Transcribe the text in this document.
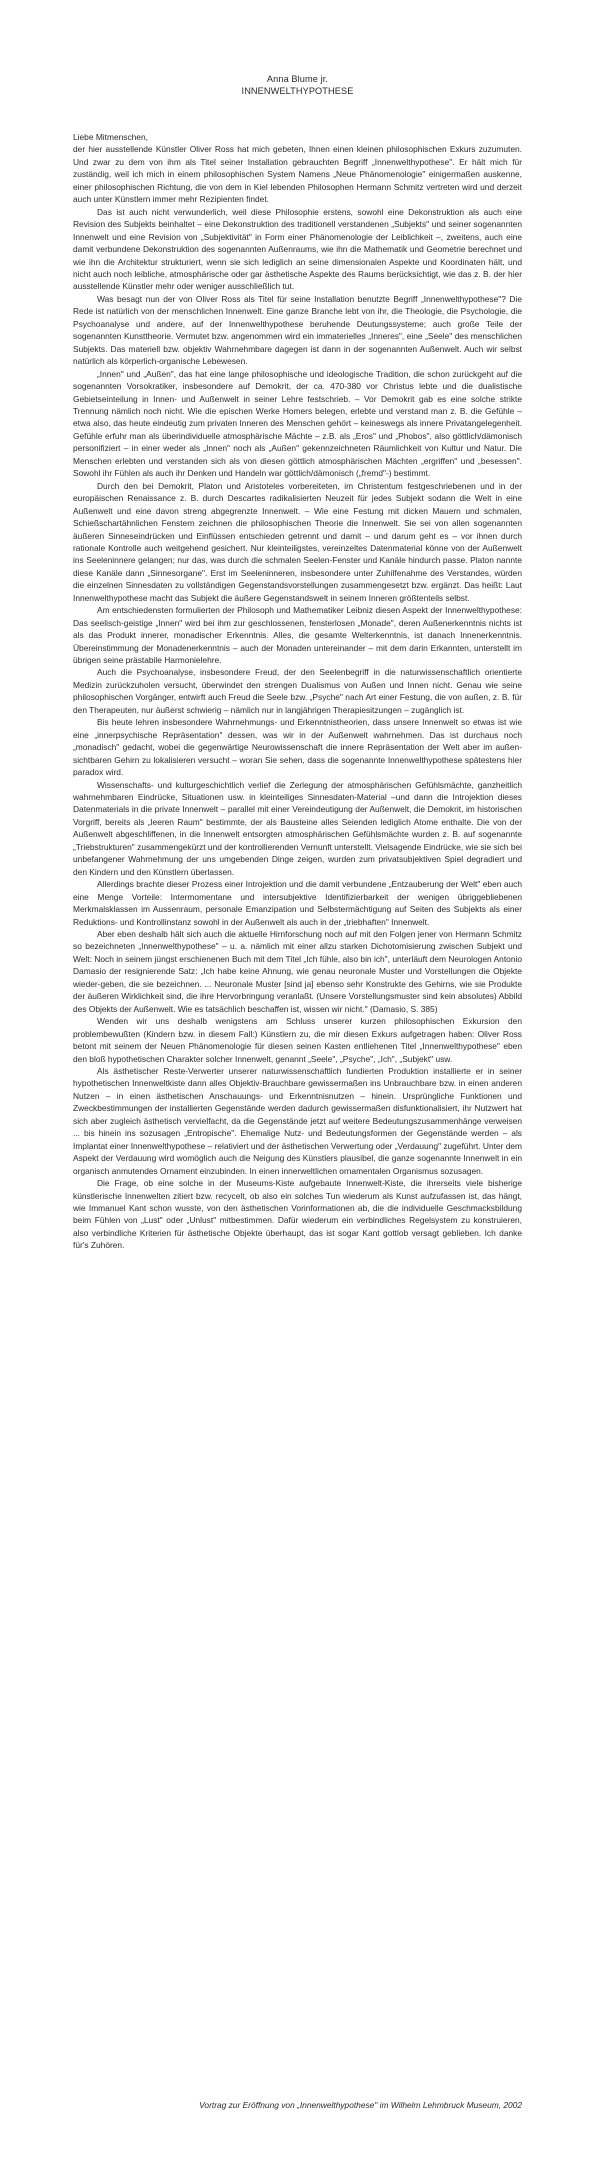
Anna Blume jr.
INNENWELTHYPOTHESE

Liebe Mitmenschen,

der hier ausstellende Künstler Oliver Ross hat mich gebeten, Ihnen einen kleinen philosophischen Exkurs zuzumuten. Und zwar zu dem von ihm als Titel seiner Installation gebrauchten Begriff „Innenwelthypothese". Er hält mich für zuständig, weil ich mich in einem philosophischen System Namens „Neue Phänomenologie" einigermaßen auskenne, einer philosophischen Richtung, die von dem in Kiel lebenden Philosophen Hermann Schmitz vertreten wird und derzeit auch unter Künstlern immer mehr Rezipienten findet.

Das ist auch nicht verwunderlich, weil diese Philosophie erstens, sowohl eine Dekonstruktion als auch eine Revision des Subjekts beinhaltet – eine Dekonstruktion des traditionell verstandenen „Subjekts" und seiner sogenannten Innenwelt und eine Revision von „Subjektivität" in Form einer Phänomenologie der Leiblichkeit –, zweitens, auch eine damit verbundene Dekonstruktion des sogenannten Außenraums, wie ihn die Mathematik und Geometrie berechnet und wie ihn die Architektur strukturiert, wenn sie sich lediglich an seine dimensionalen Aspekte und Koordinaten hält, und nicht auch noch leibliche, atmosphärische oder gar ästhetische Aspekte des Raums berücksichtigt, wie das z. B. der hier ausstellende Künstler mehr oder weniger ausschließlich tut.

Was besagt nun der von Oliver Ross als Titel für seine Installation benutzte Begriff „Innenwelthypothese"? Die Rede ist natürlich von der menschlichen Innenwelt. Eine ganze Branche lebt von ihr, die Theologie, die Psychologie, die Psychoanalyse und andere, auf der Innenwelthypothese beruhende Deutungssysteme; auch große Teile der sogenannten Kunsttheorie. Vermutet bzw. angenommen wird ein immaterielles „Inneres", eine „Seele" des menschlichen Subjekts. Das materiell bzw. objektiv Wahrnehmbare dagegen ist dann in der sogenannten Außenwelt. Auch wir selbst natürlich als körperlich-organische Lebewesen.

„Innen" und „Außen", das hat eine lange philosophische und ideologische Tradition, die schon zurückgeht auf die sogenannten Vorsokratiker, insbesondere auf Demokrit, der ca. 470-380 vor Christus lebte und die dualistische Gebietseinteilung in Innen- und Außenwelt in seiner Lehre festschrieb. – Vor Demokrit gab es eine solche strikte Trennung nämlich noch nicht. Wie die epischen Werke Homers belegen, erlebte und verstand man z. B. die Gefühle – etwa also, das heute eindeutig zum privaten Inneren des Menschen gehört – keineswegs als innere Privatangelegenheit. Gefühle erfuhr man als überindividuelle atmosphärische Mächte – z.B. als „Eros" und „Phobos", also göttlich/dämonisch personifiziert – in einer weder als „Innen" noch als „Außen" gekennzeichneten Räumlichkeit von Kultur und Natur. Die Menschen erlebten und verstanden sich als von diesen göttlich atmosphärischen Mächten „ergriffen" und „besessen". Sowohl ihr Fühlen als auch ihr Denken und Handeln war göttlich/dämonisch („fremd"-) bestimmt.

Durch den bei Demokrit, Platon und Aristoteles vorbereiteten, im Christentum festgeschriebenen und in der europäischen Renaissance z. B. durch Descartes radikalisierten Neuzeit für jedes Subjekt sodann die Welt in eine Außenwelt und eine davon streng abgegrenzte Innenwelt. – Wie eine Festung mit dicken Mauern und schmalen, Schießschartähnlichen Fenstern zeichnen die philosophischen Theorie die Innenwelt. Sie sei von allen sogenannten äußeren Sinneseindrücken und Einflüssen entschieden getrennt und damit – und darum geht es – vor ihnen durch rationale Kontrolle auch weitgehend gesichert. Nur kleinteiligstes, vereinzeltes Datenmaterial könne von der Außenwelt ins Seeleninnere gelangen; nur das, was durch die schmalen Seelen-Fenster und Kanäle hindurch passe. Platon nannte diese Kanäle dann „Sinnesorgane". Erst im Seeleninneren, insbesondere unter Zuhilfenahme des Verstandes, würden die einzelnen Sinnesdaten zu vollständigen Gegenstandsvorstellungen zusammengesetzt bzw. ergänzt. Das heißt: Laut Innenwelthypothese macht das Subjekt die äußere Gegenstandswelt in seinem Inneren größtenteils selbst.

Am entschiedensten formulierten der Philosoph und Mathematiker Leibniz diesen Aspekt der Innenwelthypothese: Das seelisch-geistige „Innen" wird bei ihm zur geschlossenen, fensterlosen „Monade", deren Außenerkenntnis nichts ist als das Produkt innerer, monadischer Erkenntnis. Alles, die gesamte Welterkenntnis, ist danach Innenerkenntnis. Übereinstimmung der Monadenerkenntnis – auch der Monaden untereinander – mit dem darin Erkannten, unterstellt im übrigen seine prästabile Harmonielehre.

Auch die Psychoanalyse, insbesondere Freud, der den Seelenbegriff in die naturwissenschaftlich orientierte Medizin zurückzuholen versucht, überwindet den strengen Dualismus von Außen und Innen nicht. Genau wie seine philosophischen Vorgänger, entwirft auch Freud die Seele bzw. „Psyche" nach Art einer Festung, die von außen, z. B. für den Therapeuten, nur äußerst schwierig – nämlich nur in langjährigen Therapiesitzungen – zugänglich ist.

Bis heute lehren insbesondere Wahrnehmungs- und Erkenntnistheorien, dass unsere Innenwelt so etwas ist wie eine „innerpsychische Repräsentation" dessen, was wir in der Außenwelt wahrnehmen. Das ist durchaus noch „monadisch" gedacht, wobei die gegenwärtige Neurowissenschaft die innere Repräsentation der Welt aber im außen-sichtbaren Gehirn zu lokalisieren versucht – woran Sie sehen, dass die sogenannte Innenwelthypothese spätestens hier paradox wird.

Wissenschafts- und kulturgeschichtlich verlief die Zerlegung der atmosphärischen Gefühlsmächte, ganzheitlich wahrnehmbaren Eindrücke, Situationen usw. in kleinteiliges Sinnesdaten-Material –und dann die Introjektion dieses Datenmaterials in die private Innenwelt – parallel mit einer Vereindeutigung der Außenwelt, die Demokrit, im historischen Vorgriff, bereits als „leeren Raum" bestimmte, der als Bausteine alles Seienden lediglich Atome enthalte. Die von der Außenwelt abgeschliffenen, in die Innenwelt entsorgten atmosphärischen Gefühlsmächte wurden z. B. auf sogenannte „Triebstrukturen" zusammengekürzt und der kontrollierenden Vernunft unterstellt. Vielsagende Eindrücke, wie sie sich bei unbefangener Wahrnehmung der uns umgebenden Dinge zeigen, wurden zum privatsubjektiven Spiel degradiert und den Kindern und den Künstlern überlassen.

Allerdings brachte dieser Prozess einer Introjektion und die damit verbundene „Entzauberung der Welt" eben auch eine Menge Vorteile: Intermomentane und intersubjektive Identifizierbarkeit der wenigen übriggebliebenen Merkmalsklassen im Aussenraum, personale Emanzipation und Selbstermächtigung auf Seiten des Subjekts als einer Reduktions- und Kontrollinstanz sowohl in der Außenwelt als auch in der „triebhaften" Innenwelt.

Aber eben deshalb hält sich auch die aktuelle Hirnforschung noch auf mit den Folgen jener von Hermann Schmitz so bezeichneten „Innenwelthypothese" – u. a. nämlich mit einer allzu starken Dichotomisierung zwischen Subjekt und Welt: Noch in seinem jüngst erschienenen Buch mit dem Titel „Ich fühle, also bin ich", unterläuft dem Neurologen Antonio Damasio der resignierende Satz: „Ich habe keine Ahnung, wie genau neuronale Muster und Vorstellungen die Objekte wieder-geben, die sie bezeichnen. ... Neuronale Muster [sind ja] ebenso sehr Konstrukte des Gehirns, wie sie Produkte der äußeren Wirklichkeit sind, die ihre Hervorbringung veranlaßt. (Unsere Vorstellungsmuster sind kein absolutes) Abbild des Objekts der Außenwelt. Wie es tatsächlich beschaffen ist, wissen wir nicht." (Damasio, S. 385)

Wenden wir uns deshalb wenigstens am Schluss unserer kurzen philosophischen Exkursion den problembewußten (Kindern bzw. in diesem Fall:) Künstlern zu, die mir diesen Exkurs aufgetragen haben: Oliver Ross betont mit seinem der Neuen Phänomenologie für diesen seinen Kasten entliehenen Titel „Innenwelthypothese" eben den bloß hypothetischen Charakter solcher Innenwelt, genannt „Seele", „Psyche", „Ich", „Subjekt" usw.

Als ästhetischer Reste-Verwerter unserer naturwissenschaftlich fundierten Produktion installierte er in seiner hypothetischen Innenweltkiste dann alles Objektiv-Brauchbare gewissermaßen ins Unbrauchbare bzw. in einen anderen Nutzen – in einen ästhetischen Anschauungs- und Erkenntnisnutzen – hinein. Ursprüngliche Funktionen und Zweckbestimmungen der installierten Gegenstände werden dadurch gewissermaßen disfunktionalisiert, ihr Nutzwert hat sich aber zugleich ästhetisch vervielfacht, da die Gegenstände jetzt auf weitere Bedeutungszusammenhänge verweisen ... bis hinein ins sozusagen „Entropische". Ehemalige Nutz- und Bedeutungsformen der Gegenstände werden – als Implantat einer Innenwelthypothese – relativiert und der ästhetischen Verwertung oder „Verdauung" zugeführt. Unter dem Aspekt der Verdauung wird womöglich auch die Neigung des Künstlers plausibel, die ganze sogenannte Innenwelt in ein organisch anmutendes Ornament einzubinden. In einen innerweltlichen ornamentalen Organismus sozusagen.

Die Frage, ob eine solche in der Museums-Kiste aufgebaute Innenwelt-Kiste, die ihrerseits viele bisherige künstlerische Innenwelten zitiert bzw. recycelt, ob also ein solches Tun wiederum als Kunst aufzufassen ist, das hängt, wie Immanuel Kant schon wusste, von den ästhetischen Vorinformationen ab, die die individuelle Geschmacksbildung beim Fühlen von „Lust" oder „Unlust" mitbestimmen. Dafür wiederum ein verbindliches Regelsystem zu konstruieren, also verbindliche Kriterien für ästhetische Objekte überhaupt, das ist sogar Kant gottlob versagt geblieben. Ich danke für's Zuhören.

Vortrag zur Eröffnung von „Innenwelthypothese" im Wilhelm Lehmbruck Museum, 2002
